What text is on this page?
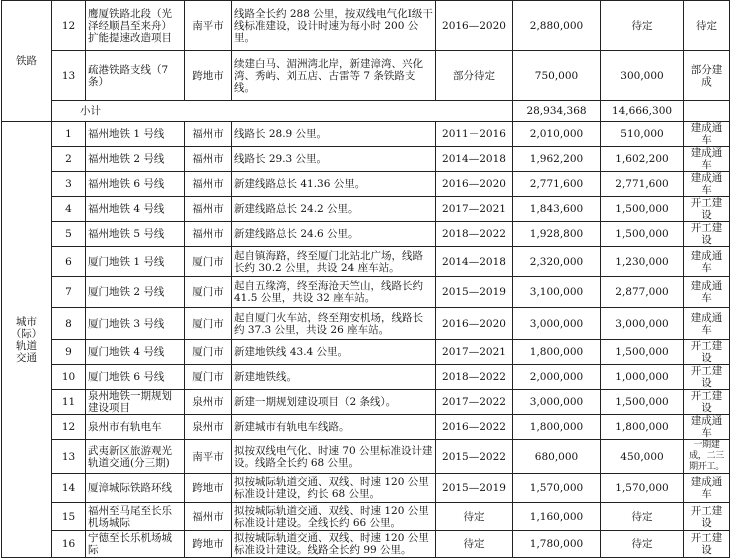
铁路	12	鹰厦铁路北段（光泽经顺昌至来舟）扩能提速改造项目	南平市	线路全长约 288 公里，按双线电气化Ⅰ级干线标准建设，设计时速为每小时 200 公里。	2016—2020	2,880,000	待定	待定
	13	疏港铁路支线（7 条）	跨地市	续建白马、湄洲湾北岸，新建漳湾、兴化湾、秀屿、刘五店、古雷等 7 条铁路支线。	部分待定	750,000	300,000	部分建成
	小计					28,934,368	14,666,300	

城市
（际）
轨道
交通	1	福州地铁 1 号线	福州市	线路长 28.9 公里。	2011－2016	2,010,000	510,000	建成通车
	2	福州地铁 2 号线	福州市	线路长 29.3 公里。	2014—2018	1,962,200	1,602,200	建成通车
	3	福州地铁 6 号线	福州市	新建线路总长 41.36 公里。	2016—2020	2,771,600	2,771,600	建成通车
	4	福州地铁 4 号线	福州市	新建线路总长 24.2 公里。	2017—2021	1,843,600	1,500,000	开工建设
	5	福州地铁 5 号线	福州市	新建线路总长 24.6 公里。	2018—2022	1,928,800	1,500,000	开工建设
	6	厦门地铁 1 号线	厦门市	起自镇海路，终至厦门北站北广场，线路长约 30.2 公里，共设 24 座车站。	2014—2018	2,320,000	1,230,000	建成通车
	7	厦门地铁 2 号线	厦门市	起自五缘湾，终至海沧天竺山，线路长约 41.5 公里，共设 32 座车站。	2015—2019	3,100,000	2,877,000	建成通车
	8	厦门地铁 3 号线	厦门市	起自厦门火车站，终至翔安机场，线路长约 37.3 公里，共设 26 座车站。	2016—2020	3,000,000	3,000,000	建成通车
	9	厦门地铁 4 号线	厦门市	新建地铁线 43.4 公里。	2017—2021	1,800,000	1,500,000	开工建设
	10	厦门地铁 6 号线	厦门市	新建地铁线。	2018—2022	2,000,000	1,000,000	开工建设
	11	泉州地铁一期规划建设项目	泉州市	新建一期规划建设项目（2 条线）。	2017—2022	3,000,000	1,500,000	开工建设
	12	泉州市有轨电车	泉州市	新建城市有轨电车线路。	2016—2022	1,800,000	1,800,000	建成通车
	13	武夷新区旅游观光轨道交通(分三期)	南平市	拟按双线电气化、时速 70 公里标准设计建设。线路全长约 68 公里。	2015—2022	680,000	450,000	一期建成，二三期开工。
	14	厦漳城际铁路环线	跨地市	拟按城际轨道交通、双线、时速 120 公里标准设计建设，约长 68 公里。	2015—2019	1,570,000	1,570,000	建成通车
	15	福州至马尾至长乐机场城际	福州市	拟按城际轨道交通、双线、时速 120 公里标准设计建设。全线长约 66 公里。	待定	1,160,000	待定	开工建设
	16	宁德至长乐机场城际	跨地市	拟按城际轨道交通、双线、时速 120 公里标准设计建设。线路全长约 99 公里。	待定	1,780,000	待定	开工建设
